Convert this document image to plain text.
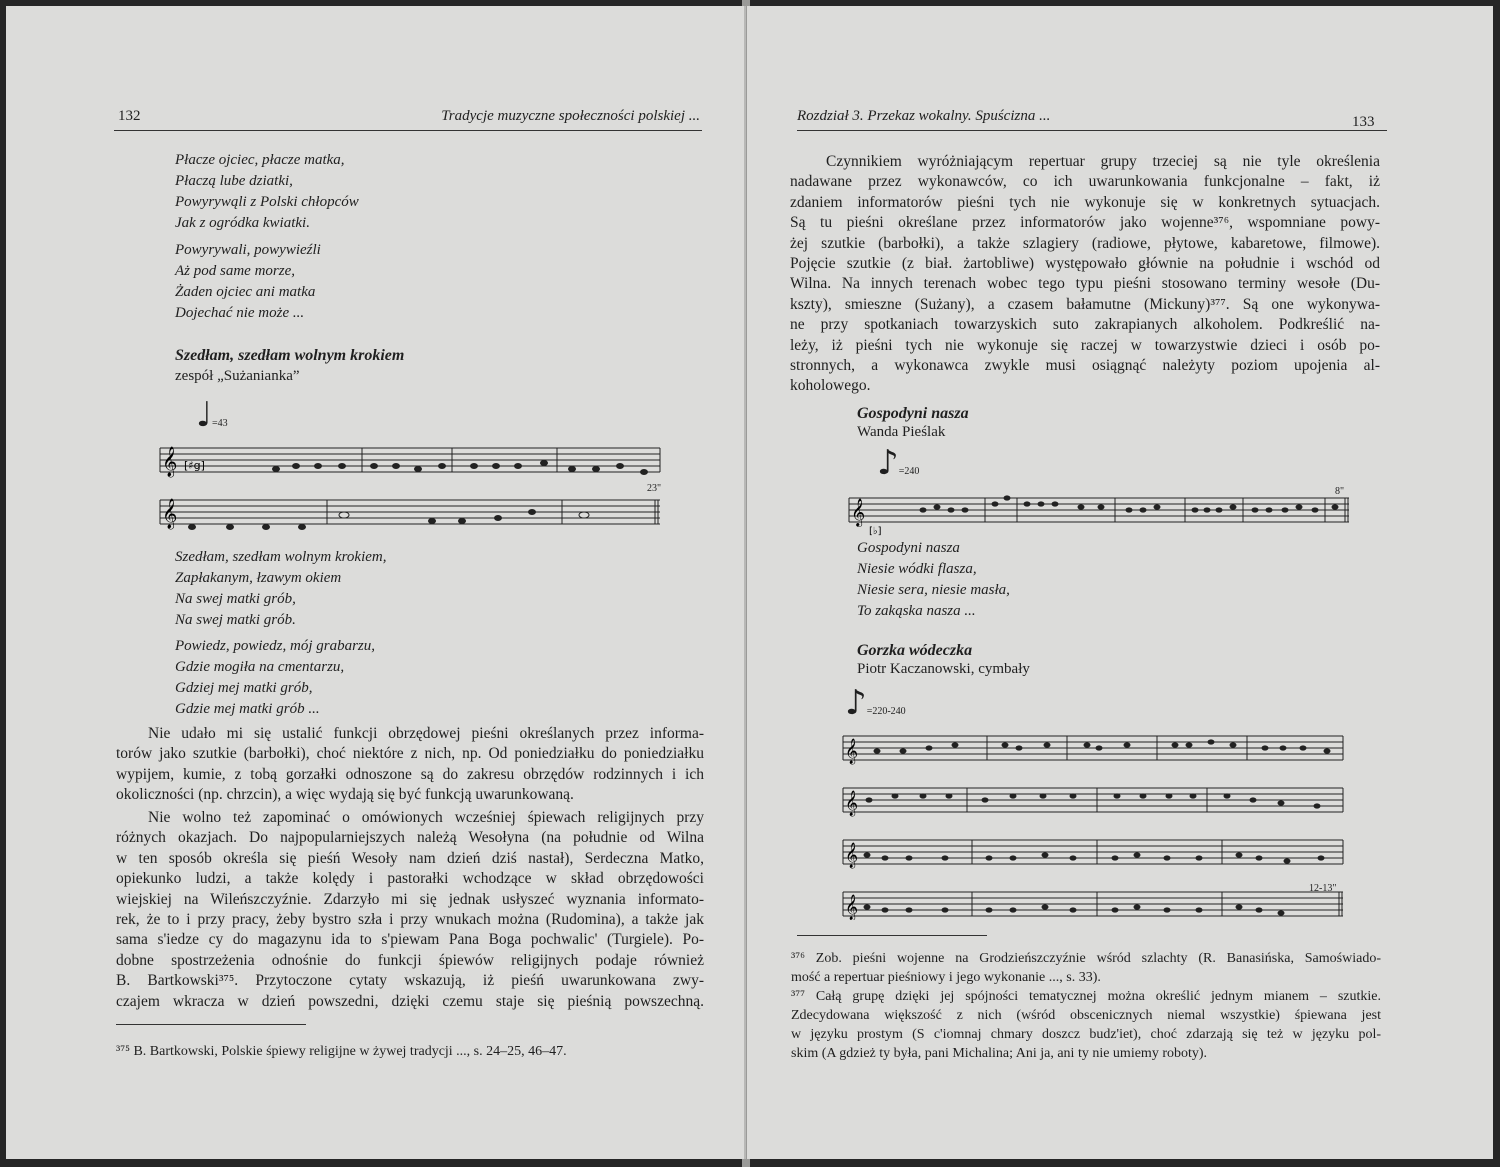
132	Tradycje muzyczne społeczności polskiej ...
Płacze ojciec, płacze matka,
Płaczą lube dziatki,
Powyrywąli z Polski chłopców
Jak z ogródka kwiatki.
Powyrywali, powywieźli
Aż pod same morze,
Żaden ojciec ani matka
Dojechać nie może ...
Szedłam, szedłam wolnym krokiem
zespół „Sużanianka”
♩=43
𝄞 [♯g]
23"
𝄞
Szedłam, szedłam wolnym krokiem,
Zapłakanym, łzawym okiem
Na swej matki grób,
Na swej matki grób.
Powiedz, powiedz, mój grabarzu,
Gdzie mogiła na cmentarzu,
Gdziej mej matki grób,
Gdzie mej matki grób ...
Nie udało mi się ustalić funkcji obrzędowej pieśni określanych przez informa-
torów jako szutkie (barbołki), choć niektóre z nich, np. Od poniedziałku do poniedziałku
wypijem, kumie, z tobą gorzałki odnoszone są do zakresu obrzędów rodzinnych i ich
okoliczności (np. chrzcin), a więc wydają się być funkcją uwarunkowaną.
Nie wolno też zapominać o omówionych wcześniej śpiewach religijnych przy
różnych okazjach. Do najpopularniejszych należą Wesołyna (na południe od Wilna
w ten sposób określa się pieśń Wesoły nam dzień dziś nastał), Serdeczna Matko,
opiekunko ludzi, a także kolędy i pastorałki wchodzące w skład obrzędowości
wiejskiej na Wileńszczyźnie. Zdarzyło mi się jednak usłyszeć wyznania informato-
rek, że to i przy pracy, żeby bystro szła i przy wnukach można (Rudomina), a także jak
sama s'iedze cy do magazynu ida to s'piewam Pana Boga pochwalic' (Turgiele). Po-
dobne spostrzeżenia odnośnie do funkcji śpiewów religijnych podaje również
B. Bartkowski³⁷⁵. Przytoczone cytaty wskazują, iż pieśń uwarunkowana zwy-
czajem wkracza w dzień powszedni, dzięki czemu staje się pieśnią powszechną.
³⁷⁵ B. Bartkowski, Polskie śpiewy religijne w żywej tradycji ..., s. 24–25, 46–47.
Rozdział 3. Przekaz wokalny. Spuścizna ...	133
Czynnikiem wyróżniającym repertuar grupy trzeciej są nie tyle określenia
nadawane przez wykonawców, co ich uwarunkowania funkcjonalne – fakt, iż
zdaniem informatorów pieśni tych nie wykonuje się w konkretnych sytuacjach.
Są tu pieśni określane przez informatorów jako wojenne³⁷⁶, wspomniane powy-
żej szutkie (barbołki), a także szlagiery (radiowe, płytowe, kabaretowe, filmowe).
Pojęcie szutkie (z biał. żartobliwe) występowało głównie na południe i wschód od
Wilna. Na innych terenach wobec tego typu pieśni stosowano terminy wesołe (Du-
kszty), smieszne (Sużany), a czasem bałamutne (Mickuny)³⁷⁷. Są one wykonywa-
ne przy spotkaniach towarzyskich suto zakrapianych alkoholem. Podkreślić na-
leży, iż pieśni tych nie wykonuje się raczej w towarzystwie dzieci i osób po-
stronnych, a wykonawca zwykle musi osiągnąć należyty poziom upojenia al-
koholowego.
Gospodyni nasza
Wanda Pieślak
♪=240
8"
𝄞
[♭]
Gospodyni nasza
Niesie wódki flasza,
Niesie sera, niesie masła,
To zakąska nasza ...
Gorzka wódeczka
Piotr Kaczanowski, cymbały
♪=220-240
𝄞
𝄞
𝄞
𝄞
12-13"
³⁷⁶ Zob. pieśni wojenne na Grodzieńszczyźnie wśród szlachty (R. Banasińska, Samoświado-
mość a repertuar pieśniowy i jego wykonanie ..., s. 33).
³⁷⁷ Całą grupę dzięki jej spójności tematycznej można określić jednym mianem – szutkie.
Zdecydowana większość z nich (wśród obscenicznych niemal wszystkie) śpiewana jest
w języku prostym (S c'iomnaj chmary doszcz budz'iet), choć zdarzają się też w języku pol-
skim (A gdzież ty była, pani Michalina; Ani ja, ani ty nie umiemy roboty).
